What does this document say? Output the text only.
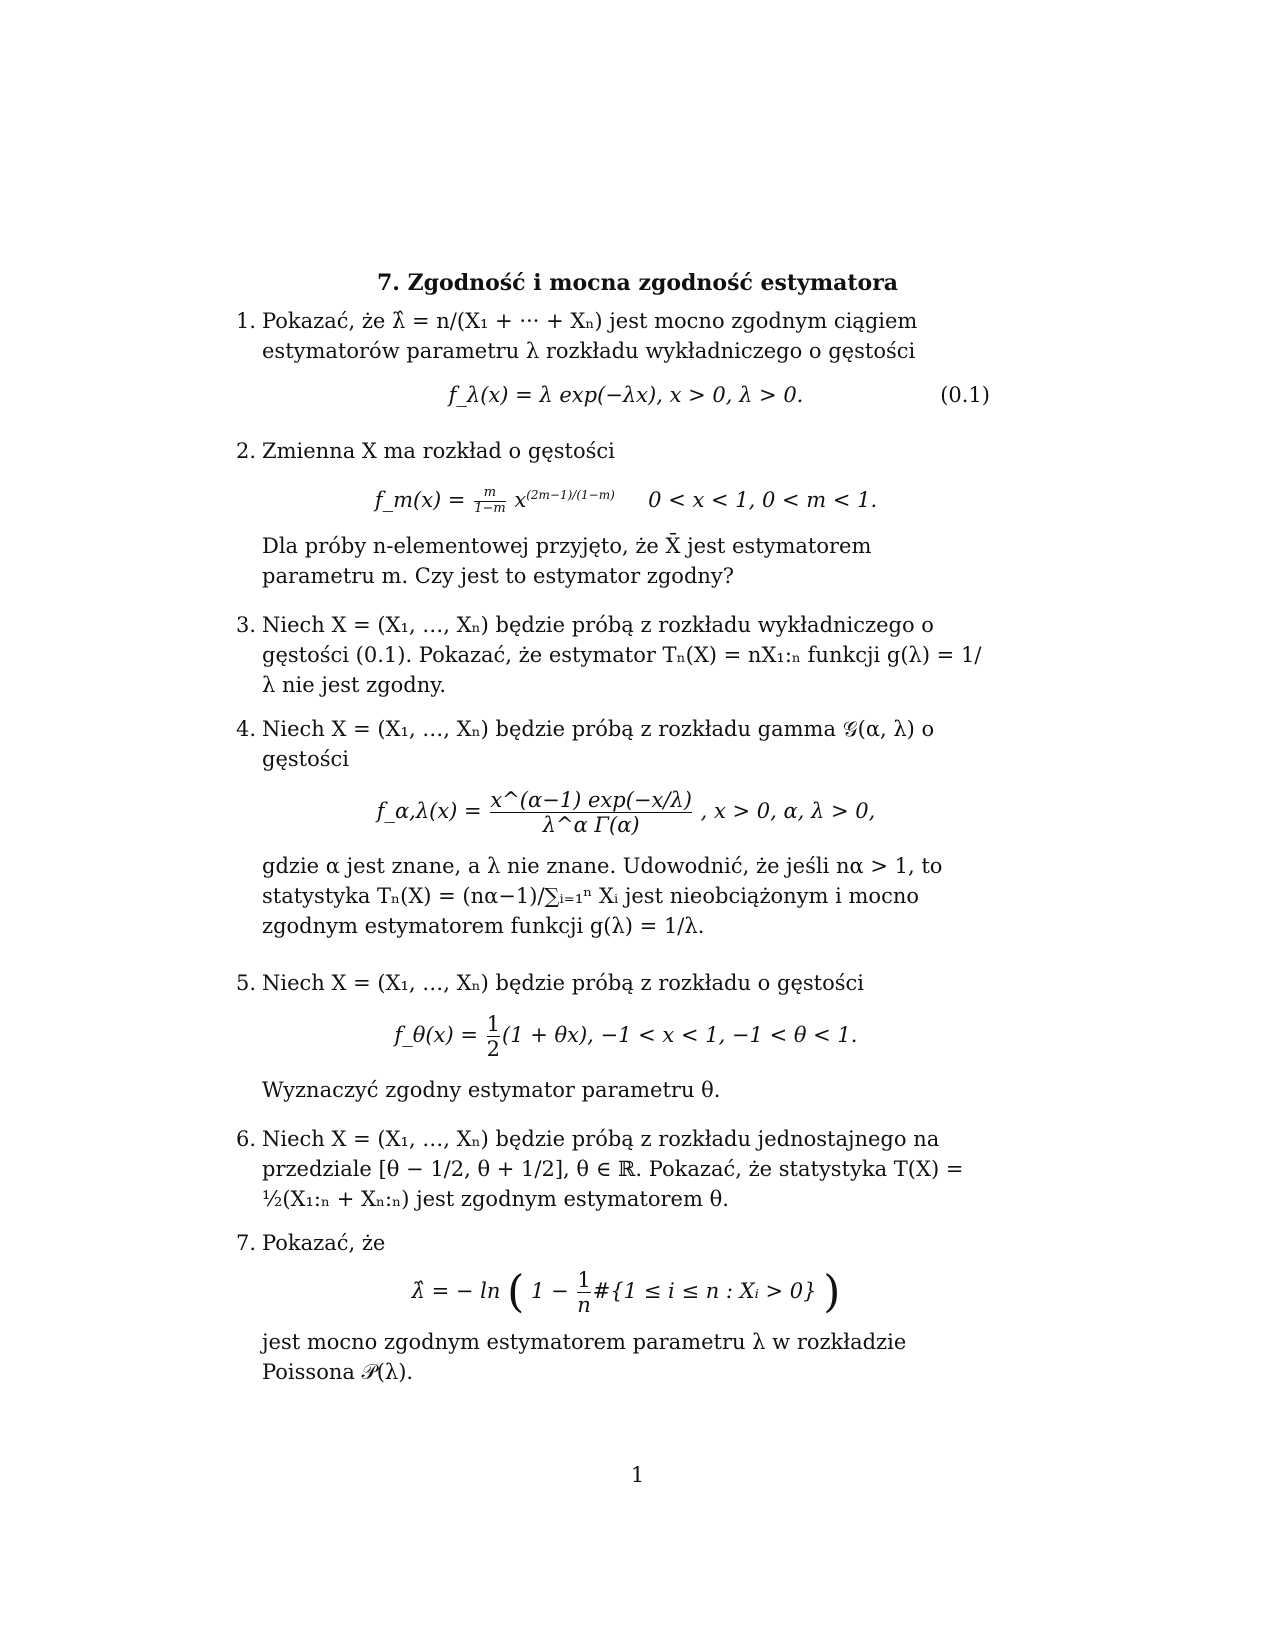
7. Zgodność i mocna zgodność estymatora
1. Pokazać, że λ̂ = n/(X₁ + ··· + Xₙ) jest mocno zgodnym ciągiem estymatorów parametru λ rozkładu wykładniczego o gęstości
f_λ(x) = λ exp(−λx), x > 0, λ > 0.	(0.1)
2. Zmienna X ma rozkład o gęstości
f_m(x) = $\frac{m}{1-m} x^{(2m-1)/(1-m)}$ 0 < x < 1, 0 < m < 1.
Dla próby n-elementowej przyjęto, że X̄ jest estymatorem parametru m. Czy jest to estymator zgodny?
3. Niech X = (X₁, …, Xₙ) będzie próbą z rozkładu wykładniczego o gęstości (0.1). Pokazać, że estymator Tₙ(X) = nX₁:ₙ funkcji g(λ) = 1/λ nie jest zgodny.
4. Niech X = (X₁, …, Xₙ) będzie próbą z rozkładu gamma 𝒢(α, λ) o gęstości
f_α,λ(x) = $\frac{x\^{}(\alpha-1) \exp(-x/\lambda)}{\text{λ\textasciicircum{}α Γ(α)}}$ , x > 0, α, λ > 0,
gdzie α jest znane, a λ nie znane. Udowodnić, że jeśli nα > 1, to statystyka Tₙ(X) = (nα−1)/∑ᵢ₌₁ⁿ Xᵢ jest nieobciążonym i mocno zgodnym estymatorem funkcji g(λ) = 1/λ.
5. Niech X = (X₁, …, Xₙ) będzie próbą z rozkładu o gęstości
f_θ(x) = $\frac{1}{2} (1 + \theta x)$, −1 < x < 1, −1 < θ < 1.
Wyznaczyć zgodny estymator parametru θ.
6. Niech X = (X₁, …, Xₙ) będzie próbą z rozkładu jednostajnego na przedziale [θ − 1/2, θ + 1/2], θ ∈ ℝ. Pokazać, że statystyka T(X) = ½(X₁:ₙ + Xₙ:ₙ) jest zgodnym estymatorem θ.
7. Pokazać, że
λ̂ = − ln ( $1 - \frac{1}{n}$ #{1 ≤ i ≤ n : Xᵢ > 0} )
jest mocno zgodnym estymatorem parametru λ w rozkładzie Poissona 𝒫(λ).
1
